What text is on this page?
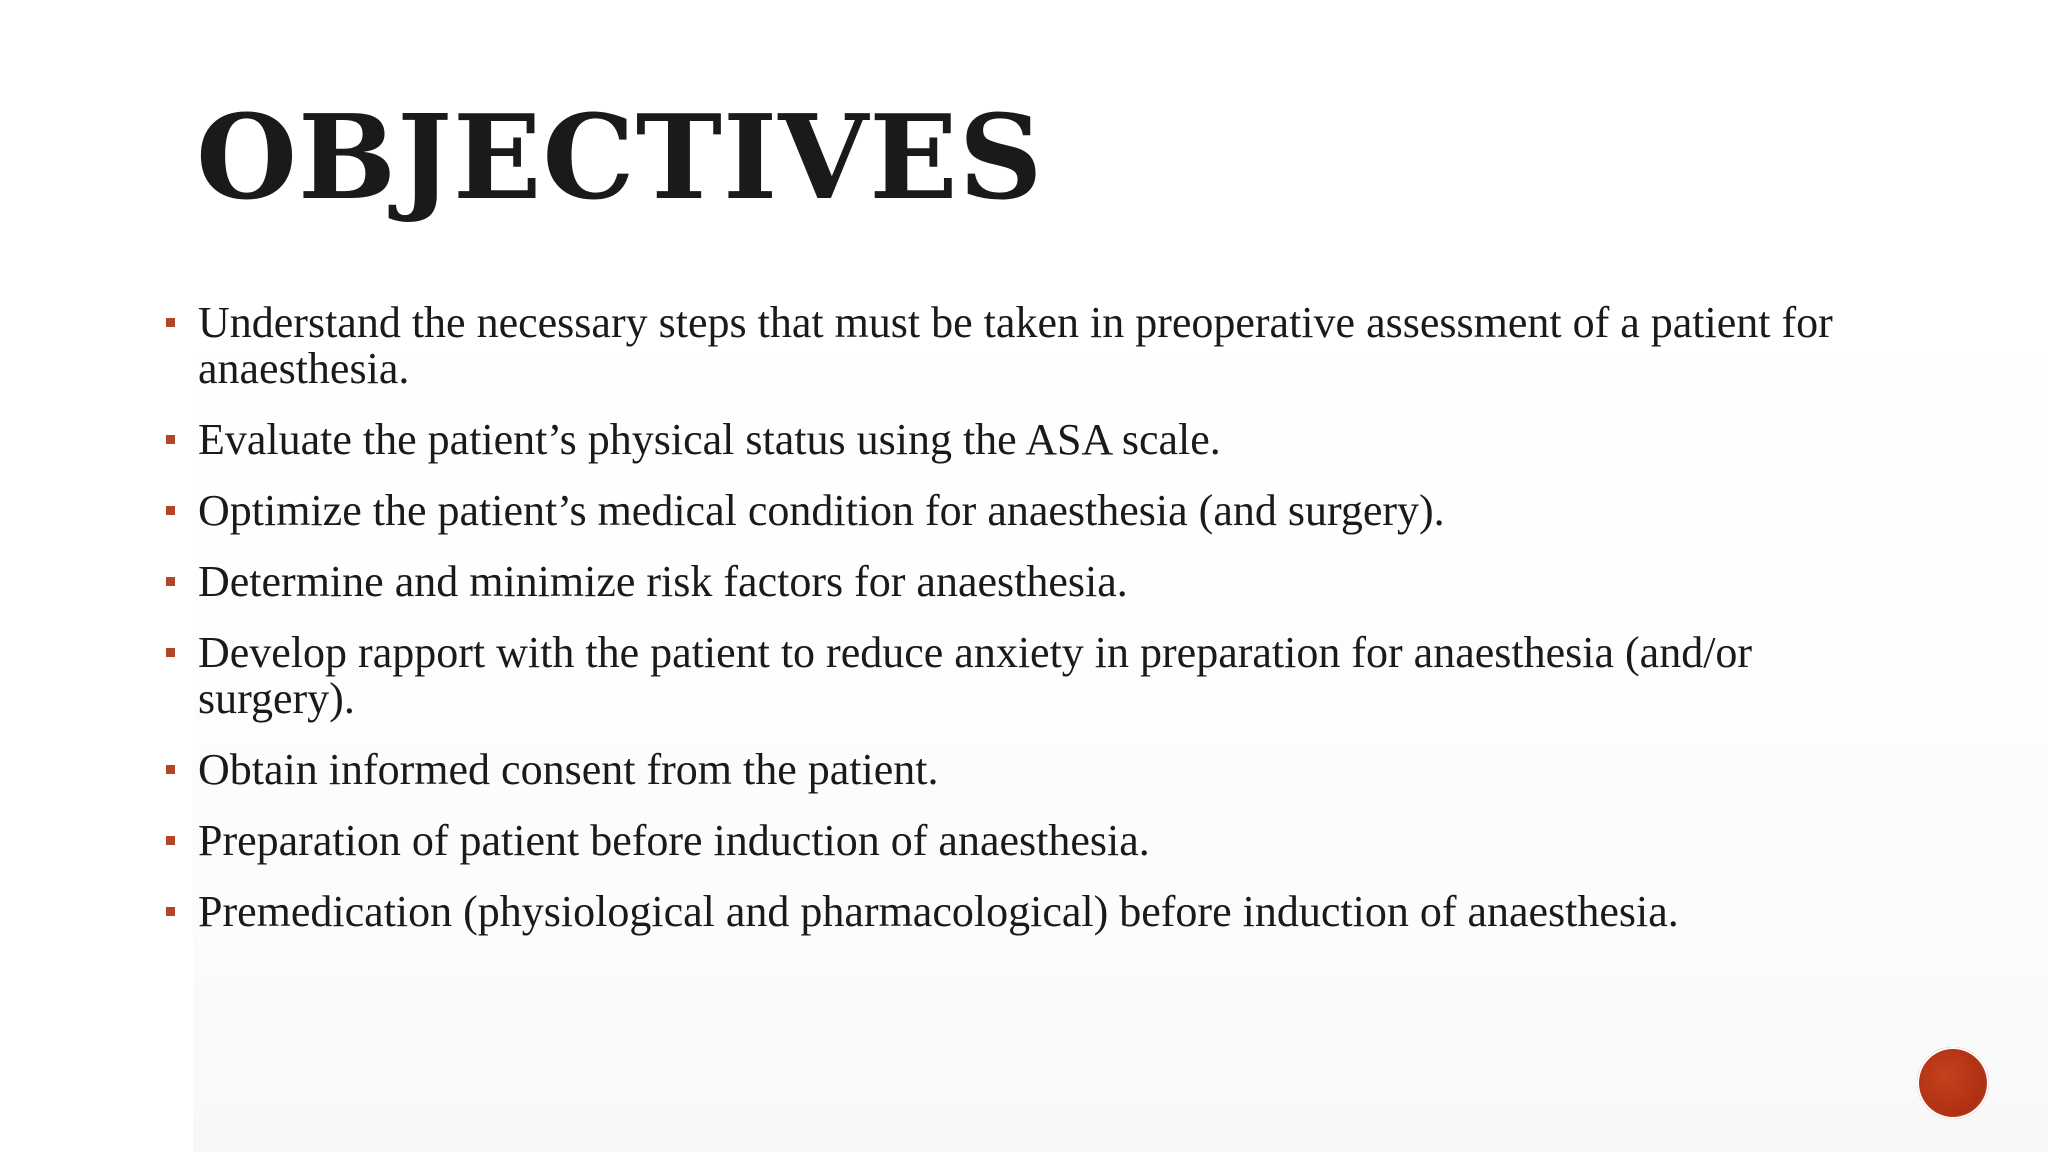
OBJECTIVES
Understand the necessary steps that must be taken in preoperative assessment of a patient for anaesthesia.
Evaluate the patient’s physical status using the ASA scale.
Optimize the patient’s medical condition for anaesthesia (and surgery).
Determine and minimize risk factors for anaesthesia.
Develop rapport with the patient to reduce anxiety in preparation for anaesthesia (and/or surgery).
Obtain informed consent from the patient.
Preparation of patient before induction of anaesthesia.
Premedication (physiological and pharmacological) before induction of anaesthesia.
